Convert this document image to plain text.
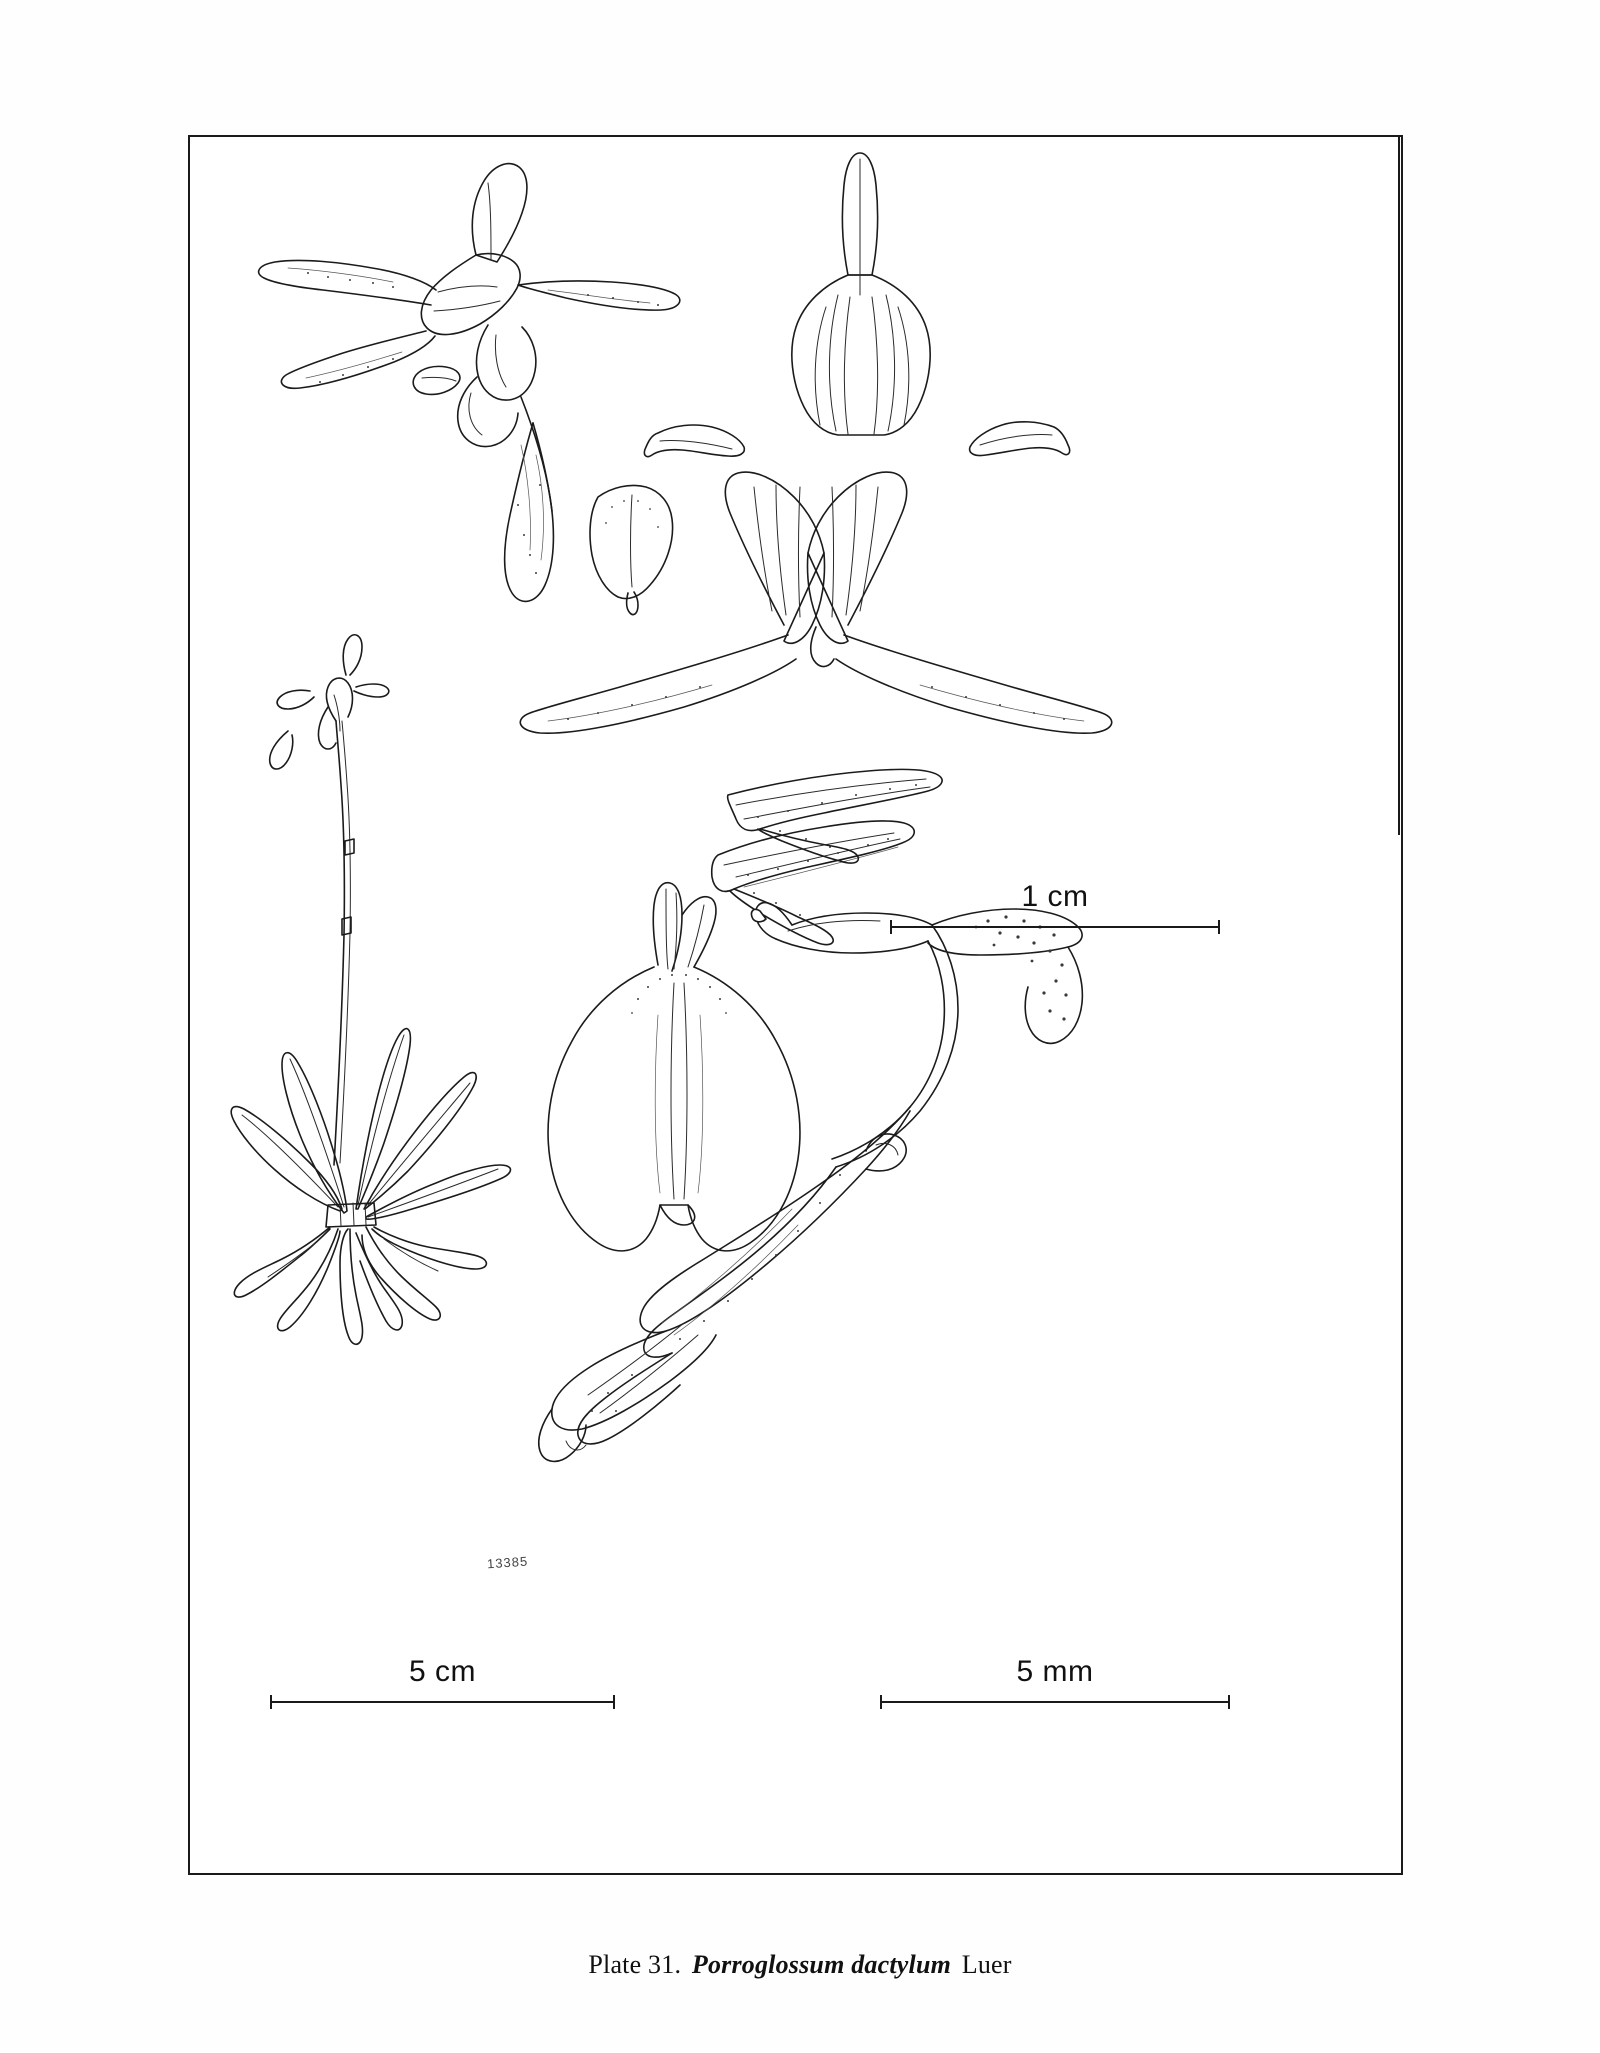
13385
1 cm
5 cm	5 mm
Plate 31. Porroglossum dactylum Luer
